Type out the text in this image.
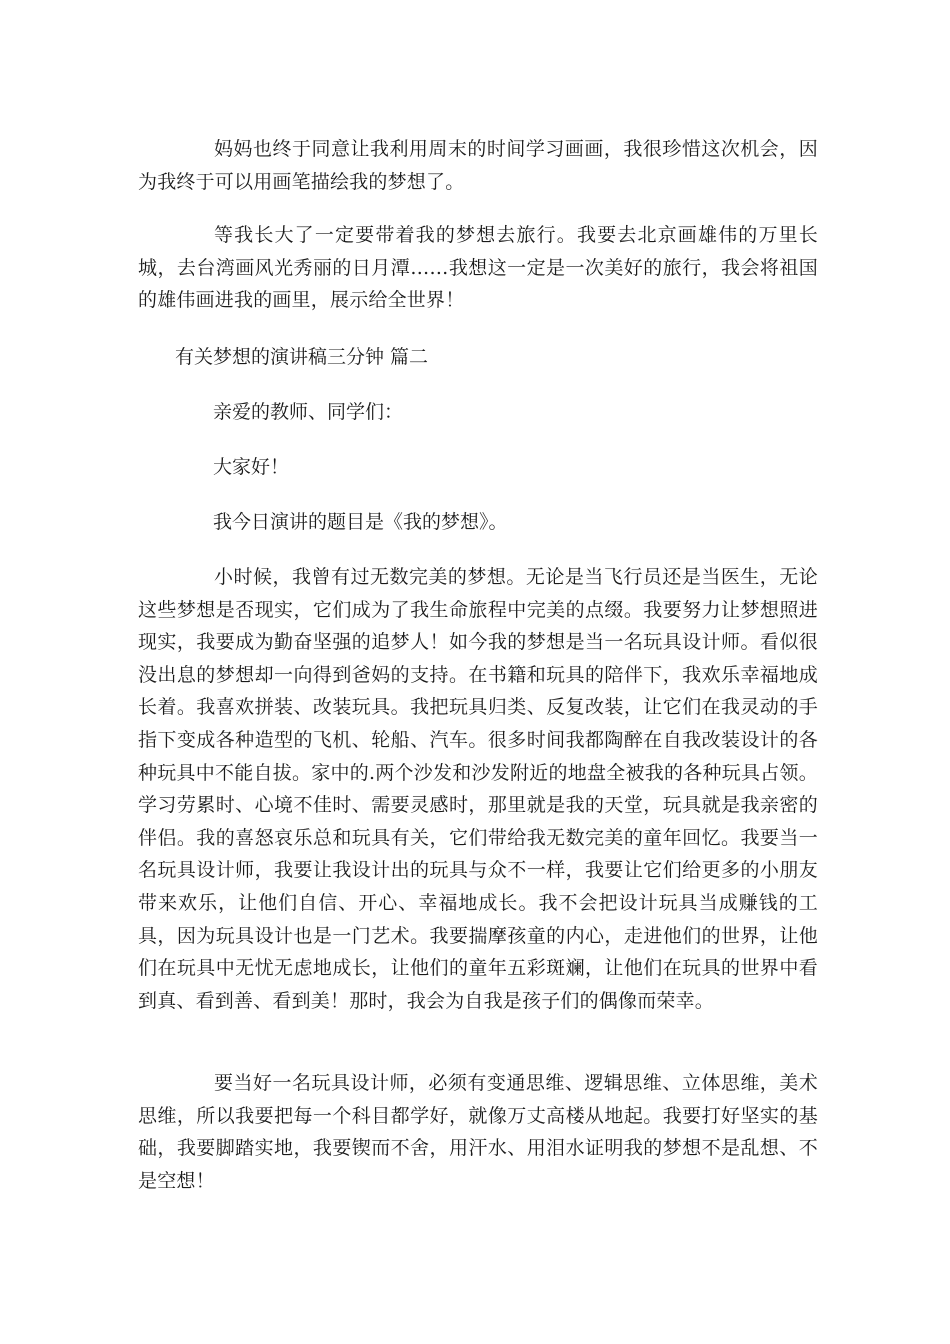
妈妈也终于同意让我利用周末的时间学习画画，我很珍惜这次机会，因为我终于可以用画笔描绘我的梦想了。

等我长大了一定要带着我的梦想去旅行。我要去北京画雄伟的万里长城，去台湾画风光秀丽的日月潭……我想这一定是一次美好的旅行，我会将祖国的雄伟画进我的画里，展示给全世界！

有关梦想的演讲稿三分钟 篇二

亲爱的教师、同学们：

大家好！

我今日演讲的题目是《我的梦想》。

小时候，我曾有过无数完美的梦想。无论是当飞行员还是当医生，无论这些梦想是否现实，它们成为了我生命旅程中完美的点缀。我要努力让梦想照进现实，我要成为勤奋坚强的追梦人！如今我的梦想是当一名玩具设计师。看似很没出息的梦想却一向得到爸妈的支持。在书籍和玩具的陪伴下，我欢乐幸福地成长着。我喜欢拼装、改装玩具。我把玩具归类、反复改装，让它们在我灵动的手指下变成各种造型的飞机、轮船、汽车。很多时间我都陶醉在自我改装设计的各种玩具中不能自拔。家中的.两个沙发和沙发附近的地盘全被我的各种玩具占领。学习劳累时、心境不佳时、需要灵感时，那里就是我的天堂，玩具就是我亲密的伴侣。我的喜怒哀乐总和玩具有关，它们带给我无数完美的童年回忆。我要当一名玩具设计师，我要让我设计出的玩具与众不一样，我要让它们给更多的小朋友带来欢乐，让他们自信、开心、幸福地成长。我不会把设计玩具当成赚钱的工具，因为玩具设计也是一门艺术。我要揣摩孩童的内心，走进他们的世界，让他们在玩具中无忧无虑地成长，让他们的童年五彩斑斓，让他们在玩具的世界中看到真、看到善、看到美！那时，我会为自我是孩子们的偶像而荣幸。

要当好一名玩具设计师，必须有变通思维、逻辑思维、立体思维，美术思维，所以我要把每一个科目都学好，就像万丈高楼从地起。我要打好坚实的基础，我要脚踏实地，我要锲而不舍，用汗水、用泪水证明我的梦想不是乱想、不是空想！
